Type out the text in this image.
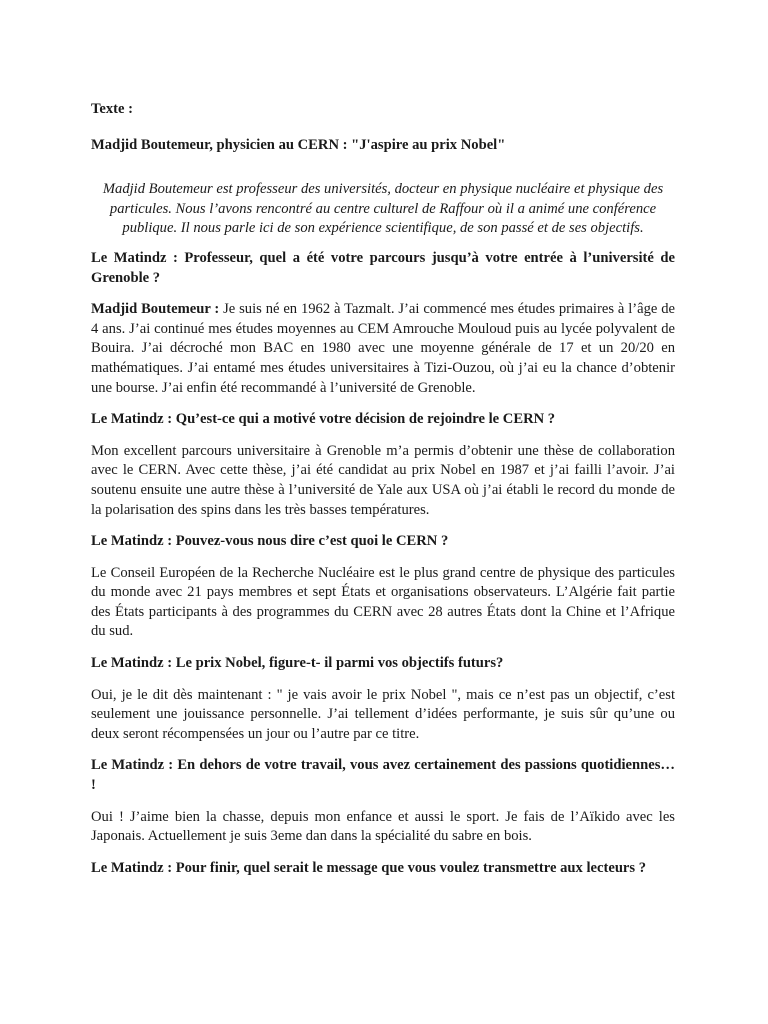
Texte :

Madjid Boutemeur, physicien au CERN : "J'aspire au prix Nobel"

Madjid Boutemeur est professeur des universités, docteur en physique nucléaire et physique des particules. Nous l’avons rencontré au centre culturel de Raffour où il a animé une conférence publique. Il nous parle ici de son expérience scientifique, de son passé et de ses objectifs.

Le Matindz : Professeur, quel a été votre parcours jusqu’à votre entrée à l’université de Grenoble ?

Madjid Boutemeur : Je suis né en 1962 à Tazmalt. J’ai commencé mes études primaires à l’âge de 4 ans. J’ai continué mes études moyennes au CEM Amrouche Mouloud puis au lycée polyvalent de Bouira. J’ai décroché mon BAC en 1980 avec une moyenne générale de 17 et un 20/20 en mathématiques. J’ai entamé mes études universitaires à Tizi-Ouzou, où j’ai eu la chance d’obtenir une bourse. J’ai enfin été recommandé à l’université de Grenoble.

Le Matindz : Qu’est-ce qui a motivé votre décision de rejoindre le CERN ?

Mon excellent parcours universitaire à Grenoble m’a permis d’obtenir une thèse de collaboration avec le CERN. Avec cette thèse, j’ai été candidat au prix Nobel en 1987 et j’ai failli l’avoir. J’ai soutenu ensuite une autre thèse à l’université de Yale aux USA où j’ai établi le record du monde de la polarisation des spins dans les très basses températures.

Le Matindz : Pouvez-vous nous dire c’est quoi le CERN ?

Le Conseil Européen de la Recherche Nucléaire est le plus grand centre de physique des particules du monde avec 21 pays membres et sept États et organisations observateurs. L’Algérie fait partie des États participants à des programmes du CERN avec 28 autres États dont la Chine et l’Afrique du sud.

Le Matindz : Le prix Nobel, figure-t- il parmi vos objectifs futurs?

Oui, je le dit dès maintenant : " je vais avoir le prix Nobel ", mais ce n’est pas un objectif, c’est seulement une jouissance personnelle. J’ai tellement d’idées performante, je suis sûr qu’une ou deux seront récompensées un jour ou l’autre par ce titre.

Le Matindz : En dehors de votre travail, vous avez certainement des passions quotidiennes… !

Oui ! J’aime bien la chasse, depuis mon enfance et aussi le sport. Je fais de l’Aïkido avec les Japonais. Actuellement je suis 3eme dan dans la spécialité du sabre en bois.

Le Matindz : Pour finir, quel serait le message que vous voulez transmettre aux lecteurs ?
